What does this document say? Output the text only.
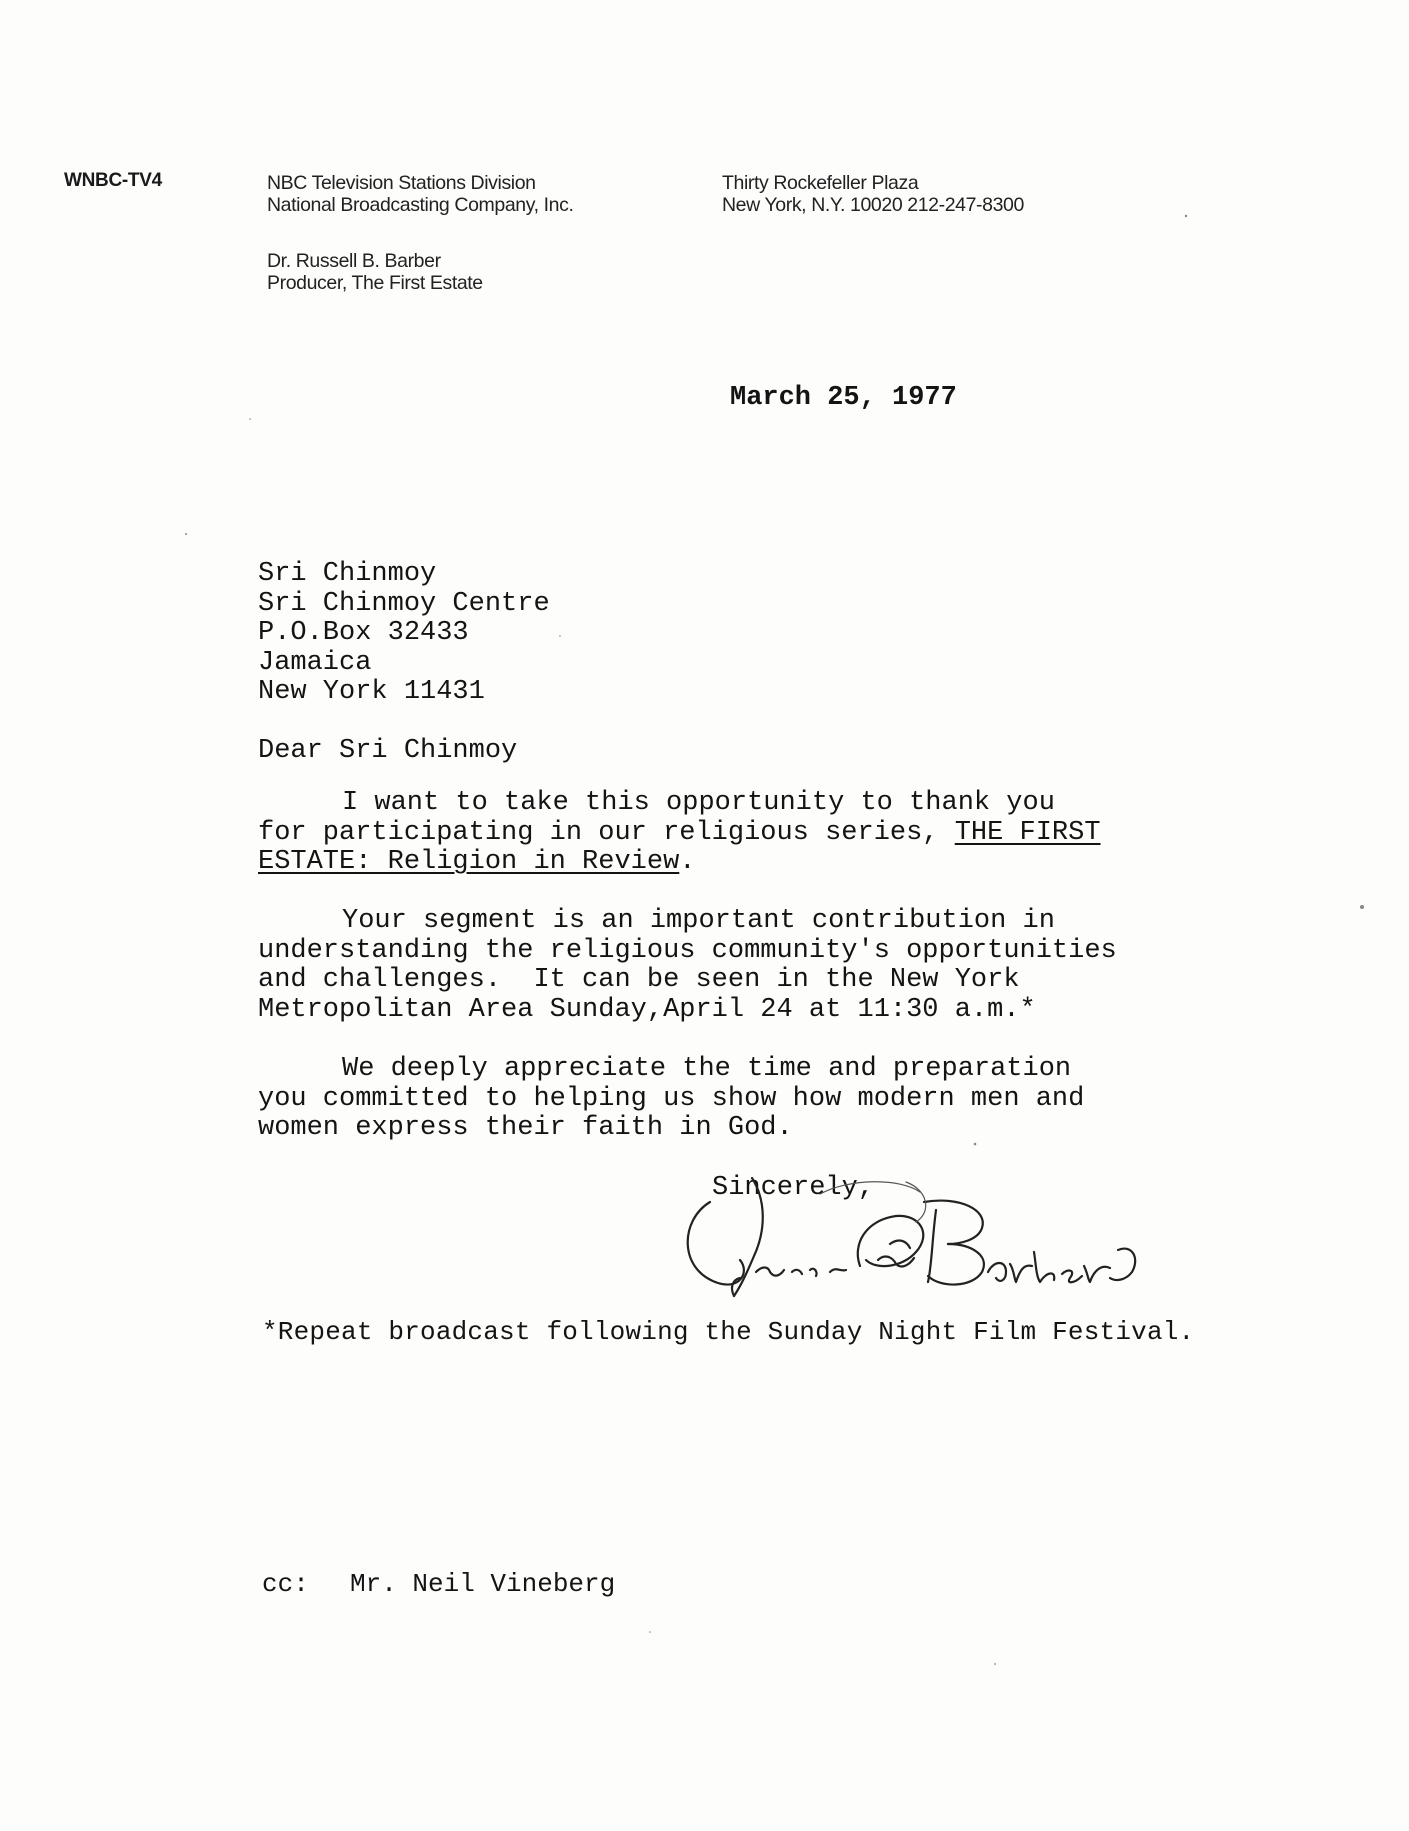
WNBC-TV4	NBC Television Stations Division
National Broadcasting Company, Inc.
Thirty Rockefeller Plaza
New York, N.Y. 10020 212-247-8300
Dr. Russell B. Barber
Producer, The First Estate
March 25, 1977
Sri Chinmoy
Sri Chinmoy Centre
P.O.Box 32433
Jamaica
New York 11431
Dear Sri Chinmoy
I want to take this opportunity to thank you
for participating in our religious series, THE FIRST
ESTATE: Religion in Review.
Your segment is an important contribution in
understanding the religious community's opportunities
and challenges.  It can be seen in the New York
Metropolitan Area Sunday,April 24 at 11:30 a.m.*
We deeply appreciate the time and preparation
you committed to helping us show how modern men and
women express their faith in God.
Sincerely,
Barber
*Repeat broadcast following the Sunday Night Film Festival.
cc: Mr. Neil Vineberg
